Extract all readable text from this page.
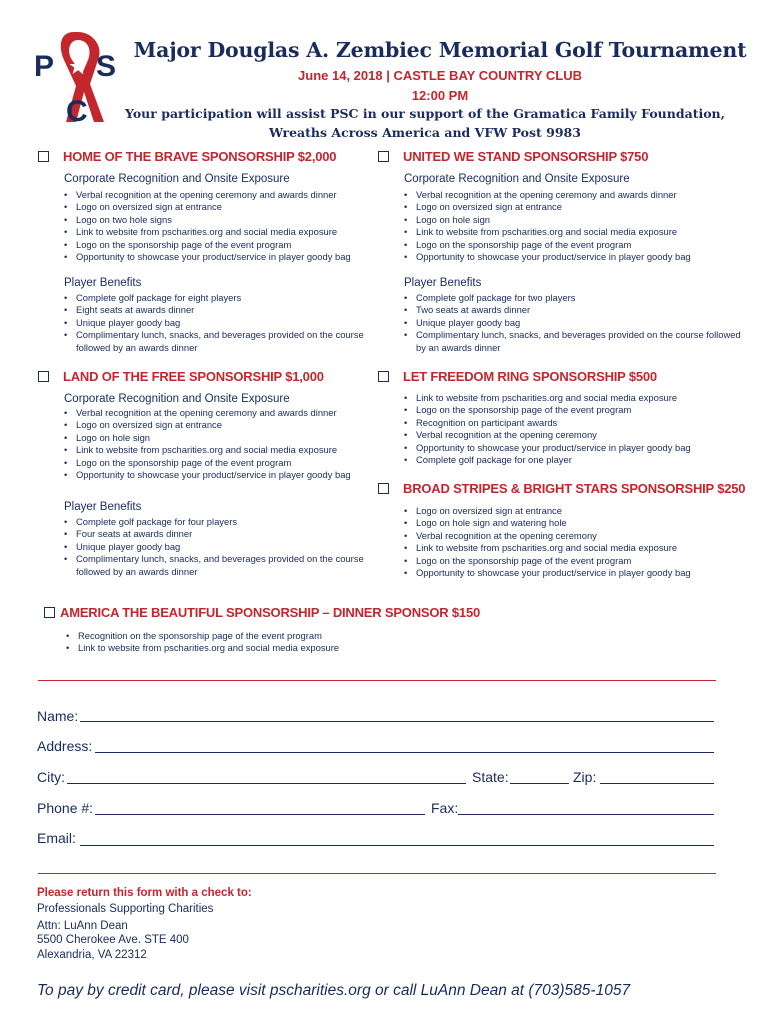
P S
C
Major Douglas A. Zembiec Memorial Golf Tournament
June 14, 2018 | CASTLE BAY COUNTRY CLUB
12:00 PM
Your participation will assist PSC in our support of the Gramatica Family Foundation,
Wreaths Across America and VFW Post 9983
HOME OF THE BRAVE SPONSORSHIP $2,000
Corporate Recognition and Onsite Exposure
• Verbal recognition at the opening ceremony and awards dinner
• Logo on oversized sign at entrance
• Logo on two hole signs
• Link to website from pscharities.org and social media exposure
• Logo on the sponsorship page of the event program
• Opportunity to showcase your product/service in player goody bag
Player Benefits
• Complete golf package for eight players
• Eight seats at awards dinner
• Unique player goody bag
• Complimentary lunch, snacks, and beverages provided on the course
followed by an awards dinner
UNITED WE STAND SPONSORSHIP $750
Corporate Recognition and Onsite Exposure
• Verbal recognition at the opening ceremony and awards dinner
• Logo on oversized sign at entrance
• Logo on hole sign
• Link to website from pscharities.org and social media exposure
• Logo on the sponsorship page of the event program
• Opportunity to showcase your product/service in player goody bag
Player Benefits
• Complete golf package for two players
• Two seats at awards dinner
• Unique player goody bag
• Complimentary lunch, snacks, and beverages provided on the course followed
by an awards dinner
LAND OF THE FREE SPONSORSHIP $1,000
Corporate Recognition and Onsite Exposure
• Verbal recognition at the opening ceremony and awards dinner
• Logo on oversized sign at entrance
• Logo on hole sign
• Link to website from pscharities.org and social media exposure
• Logo on the sponsorship page of the event program
• Opportunity to showcase your product/service in player goody bag
Player Benefits
• Complete golf package for four players
• Four seats at awards dinner
• Unique player goody bag
• Complimentary lunch, snacks, and beverages provided on the course
followed by an awards dinner
LET FREEDOM RING SPONSORSHIP $500
• Link to website from pscharities.org and social media exposure
• Logo on the sponsorship page of the event program
• Recognition on participant awards
• Verbal recognition at the opening ceremony
• Opportunity to showcase your product/service in player goody bag
• Complete golf package for one player
BROAD STRIPES & BRIGHT STARS SPONSORSHIP $250
• Logo on oversized sign at entrance
• Logo on hole sign and watering hole
• Verbal recognition at the opening ceremony
• Link to website from pscharities.org and social media exposure
• Logo on the sponsorship page of the event program
• Opportunity to showcase your product/service in player goody bag
AMERICA THE BEAUTIFUL SPONSORSHIP – DINNER SPONSOR $150
• Recognition on the sponsorship page of the event program
• Link to website from pscharities.org and social media exposure
Name:
Address:
City:	State:	Zip:
Phone #:	Fax:
Email:
Please return this form with a check to:
Professionals Supporting Charities
Attn: LuAnn Dean
5500 Cherokee Ave. STE 400
Alexandria, VA 22312
To pay by credit card, please visit pscharities.org or call LuAnn Dean at (703)585-1057
